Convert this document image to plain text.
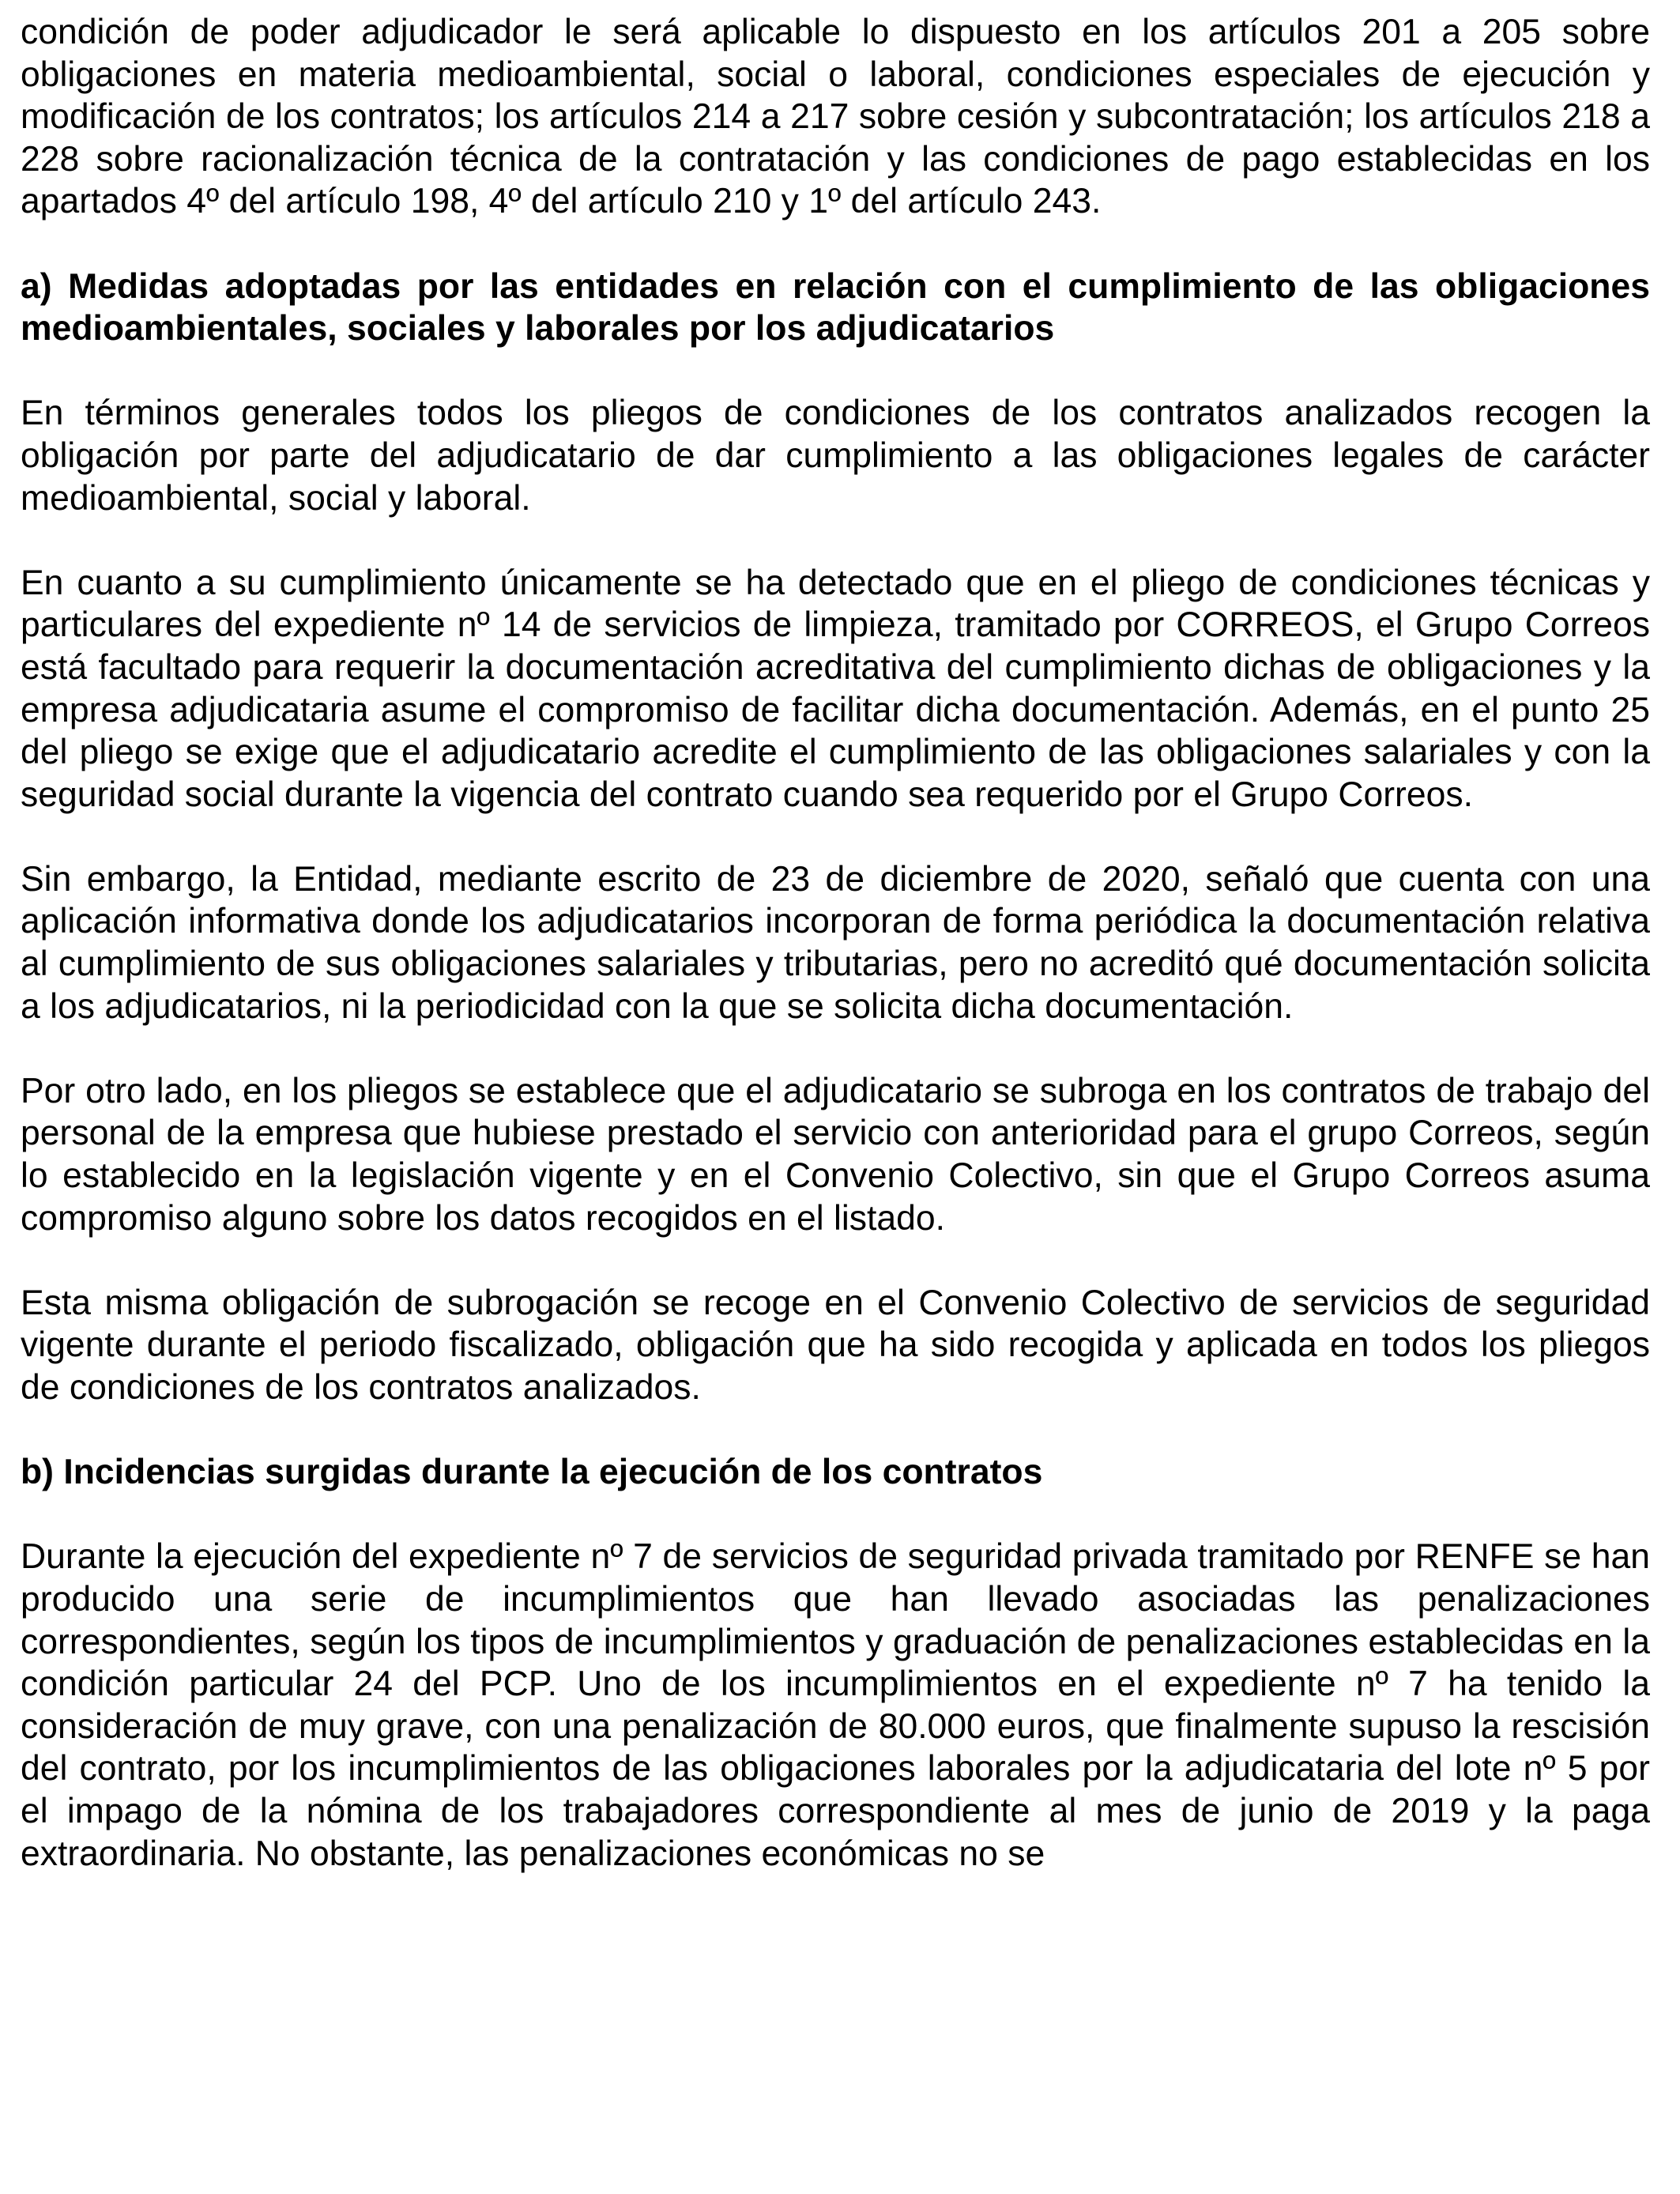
condición de poder adjudicador le será aplicable lo dispuesto en los artículos 201 a 205 sobre obligaciones en materia medioambiental, social o laboral, condiciones especiales de ejecución y modificación de los contratos; los artículos 214 a 217 sobre cesión y subcontratación; los artículos 218 a 228 sobre racionalización técnica de la contratación y las condiciones de pago establecidas en los apartados 4º del artículo 198, 4º del artículo 210 y 1º del artículo 243.

a) Medidas adoptadas por las entidades en relación con el cumplimiento de las obligaciones medioambientales, sociales y laborales por los adjudicatarios

En términos generales todos los pliegos de condiciones de los contratos analizados recogen la obligación por parte del adjudicatario de dar cumplimiento a las obligaciones legales de carácter medioambiental, social y laboral.

En cuanto a su cumplimiento únicamente se ha detectado que en el pliego de condiciones técnicas y particulares del expediente nº 14 de servicios de limpieza, tramitado por CORREOS, el Grupo Correos está facultado para requerir la documentación acreditativa del cumplimiento dichas de obligaciones y la empresa adjudicataria asume el compromiso de facilitar dicha documentación. Además, en el punto 25 del pliego se exige que el adjudicatario acredite el cumplimiento de las obligaciones salariales y con la seguridad social durante la vigencia del contrato cuando sea requerido por el Grupo Correos.

Sin embargo, la Entidad, mediante escrito de 23 de diciembre de 2020, señaló que cuenta con una aplicación informativa donde los adjudicatarios incorporan de forma periódica la documentación relativa al cumplimiento de sus obligaciones salariales y tributarias, pero no acreditó qué documentación solicita a los adjudicatarios, ni la periodicidad con la que se solicita dicha documentación.

Por otro lado, en los pliegos se establece que el adjudicatario se subroga en los contratos de trabajo del personal de la empresa que hubiese prestado el servicio con anterioridad para el grupo Correos, según lo establecido en la legislación vigente y en el Convenio Colectivo, sin que el Grupo Correos asuma compromiso alguno sobre los datos recogidos en el listado.

Esta misma obligación de subrogación se recoge en el Convenio Colectivo de servicios de seguridad vigente durante el periodo fiscalizado, obligación que ha sido recogida y aplicada en todos los pliegos de condiciones de los contratos analizados.

b) Incidencias surgidas durante la ejecución de los contratos

Durante la ejecución del expediente nº 7 de servicios de seguridad privada tramitado por RENFE se han producido una serie de incumplimientos que han llevado asociadas las penalizaciones correspondientes, según los tipos de incumplimientos y graduación de penalizaciones establecidas en la condición particular 24 del PCP. Uno de los incumplimientos en el expediente nº 7 ha tenido la consideración de muy grave, con una penalización de 80.000 euros, que finalmente supuso la rescisión del contrato, por los incumplimientos de las obligaciones laborales por la adjudicataria del lote nº 5 por el impago de la nómina de los trabajadores correspondiente al mes de junio de 2019 y la paga extraordinaria. No obstante, las penalizaciones económicas no se
